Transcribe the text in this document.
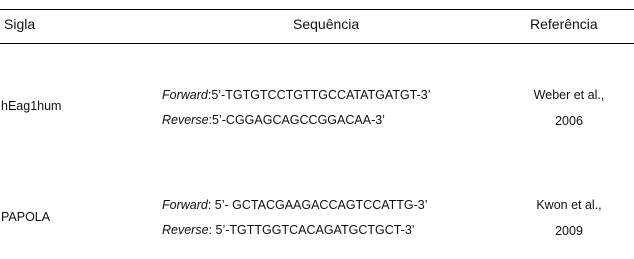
Sigla	Sequência	Referência
hEag1hum
Forward:5’-TGTGTCCTGTTGCCATATGATGT-3’
Reverse:5’-CGGAGCAGCCGGACAA-3’
Weber et al.,
2006
PAPOLA
Forward: 5’- GCTACGAAGACCAGTCCATTG-3’
Reverse: 5’-TGTTGGTCACAGATGCTGCT-3’
Kwon et al.,
2009
